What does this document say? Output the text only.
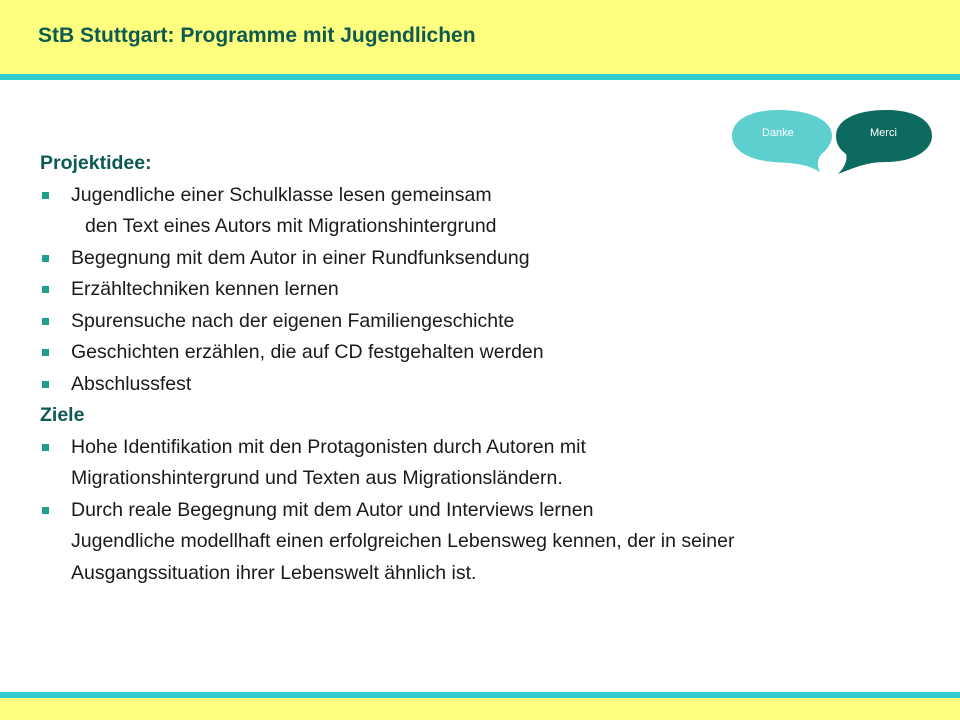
StB Stuttgart: Programme mit Jugendlichen
Danke	Merci
Projektidee:
Jugendliche einer Schulklasse lesen gemeinsam
den Text eines Autors mit Migrationshintergrund
Begegnung mit dem Autor in einer Rundfunksendung
Erzähltechniken kennen lernen
Spurensuche nach der eigenen Familiengeschichte
Geschichten erzählen, die auf CD festgehalten werden
Abschlussfest
Ziele
Hohe Identifikation mit den Protagonisten durch Autoren mit
Migrationshintergrund und Texten aus Migrationsländern.
Durch reale Begegnung mit dem Autor und Interviews lernen
Jugendliche modellhaft einen erfolgreichen Lebensweg kennen, der in seiner
Ausgangssituation ihrer Lebenswelt ähnlich ist.
